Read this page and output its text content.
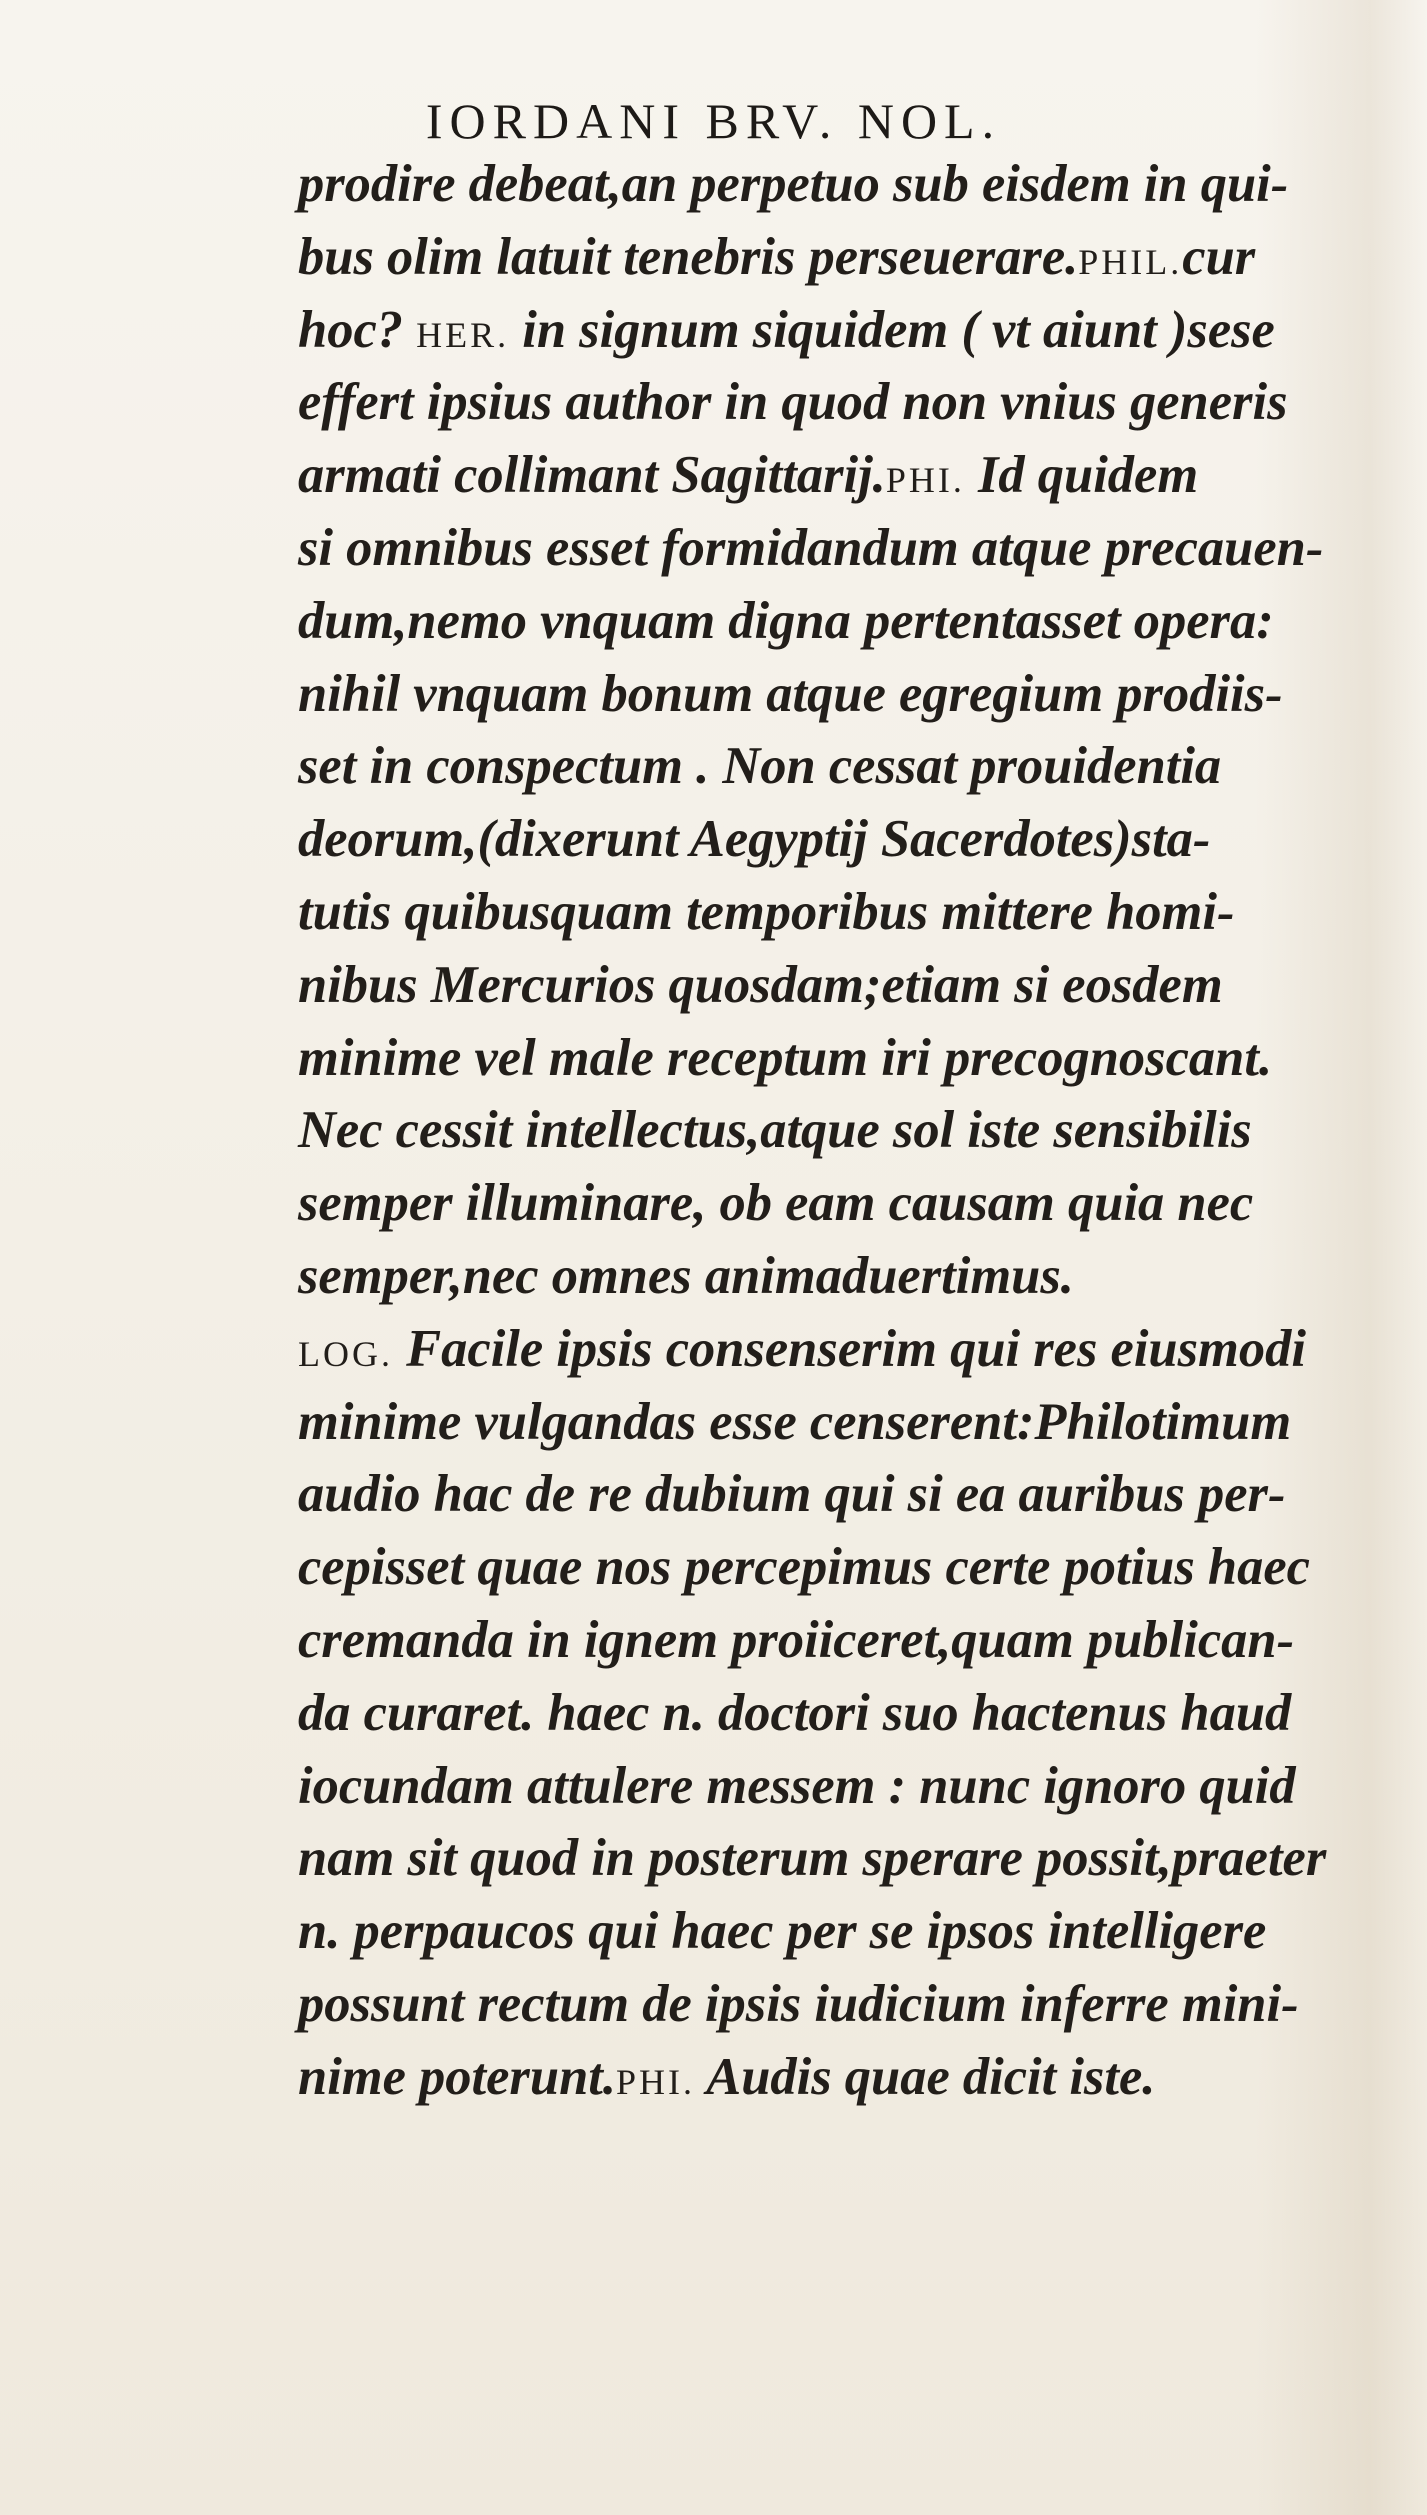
IORDANI BRV. NOL.
prodire debeat,an perpetuo sub eisdem in qui-
bus olim latuit tenebris perseuerare.PHIL.cur
hoc? HER. in signum siquidem ( vt aiunt )sese
effert ipsius author in quod non vnius generis
armati collimant Sagittarij.PHI. Id quidem
si omnibus esset formidandum atque precauen-
dum,nemo vnquam digna pertentasset opera:
nihil vnquam bonum atque egregium prodiis-
set in conspectum . Non cessat prouidentia
deorum,(dixerunt Aegyptij Sacerdotes)sta-
tutis quibusquam temporibus mittere homi-
nibus Mercurios quosdam;etiam si eosdem
minime vel male receptum iri precognoscant.
Nec cessit intellectus,atque sol iste sensibilis
semper illuminare, ob eam causam quia nec
semper,nec omnes animaduertimus.
LOG. Facile ipsis consenserim qui res eiusmodi
minime vulgandas esse censerent:Philotimum
audio hac de re dubium qui si ea auribus per-
cepisset quae nos percepimus certe potius haec
cremanda in ignem proiiceret,quam publican-
da curaret. haec n. doctori suo hactenus haud
iocundam attulere messem : nunc ignoro quid
nam sit quod in posterum sperare possit,praeter
n. perpaucos qui haec per se ipsos intelligere
possunt rectum de ipsis iudicium inferre mini-
nime poterunt.PHI. Audis quae dicit iste.
